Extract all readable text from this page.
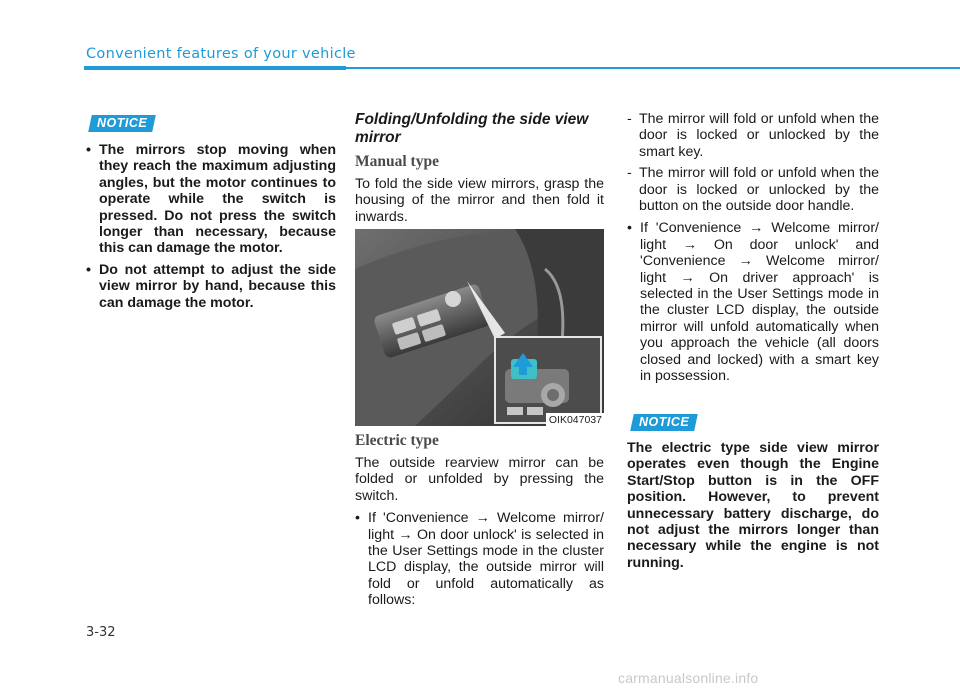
Convenient features of your vehicle
NOTICE

• The mirrors stop moving when they reach the maximum adjusting angles, but the motor continues to operate while the switch is pressed. Do not press the switch longer than necessary, because this can damage the motor.

• Do not attempt to adjust the side view mirror by hand, because this can damage the motor.

Folding/Unfolding the side view mirror

Manual type

To fold the side view mirrors, grasp the housing of the mirror and then fold it inwards.

OIK047037

Electric type

The outside rearview mirror can be folded or unfolded by pressing the switch.

• If 'Convenience → Welcome mirror/ light → On door unlock' is selected in the User Settings mode in the cluster LCD display, the outside mirror will fold or unfold automatically as follows:

- The mirror will fold or unfold when the door is locked or unlocked by the smart key.

- The mirror will fold or unfold when the door is locked or unlocked by the button on the outside door handle.

• If 'Convenience → Welcome mirror/ light → On door unlock' and 'Convenience → Welcome mirror/ light → On driver approach' is selected in the User Settings mode in the cluster LCD display, the outside mirror will unfold automatically when you approach the vehicle (all doors closed and locked) with a smart key in possession.

NOTICE

The electric type side view mirror operates even though the Engine Start/Stop button is in the OFF position. However, to prevent unnecessary battery discharge, do not adjust the mirrors longer than necessary while the engine is not running.

3-32
carmanualsonline.info
